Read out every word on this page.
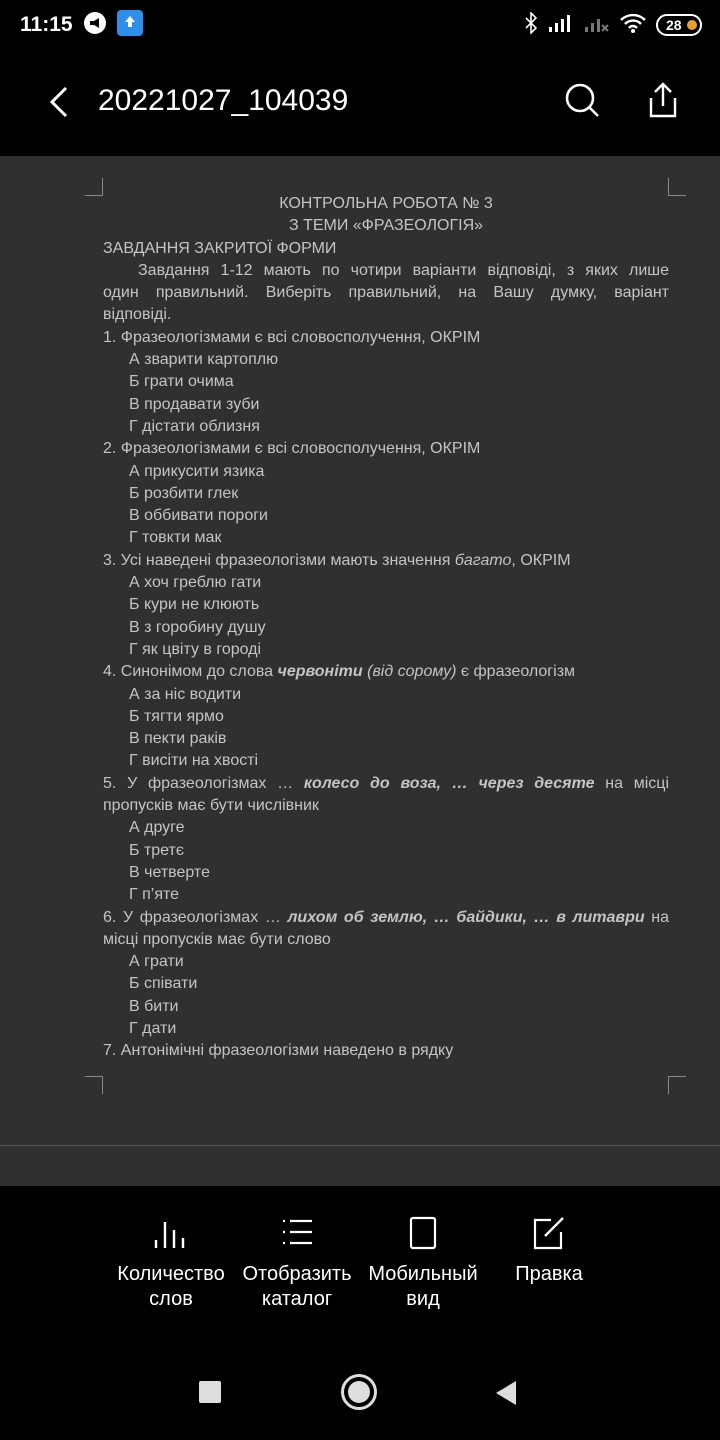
11:15	28
20221027_104039
КОНТРОЛЬНА РОБОТА № 3
З ТЕМИ «ФРАЗЕОЛОГІЯ»
ЗАВДАННЯ ЗАКРИТОЇ ФОРМИ
Завдання 1-12 мають по чотири варіанти відповіді, з яких лише
один правильний. Виберіть правильний, на Вашу думку, варіант
відповіді.
1. Фразеологізмами є всі словосполучення, ОКРІМ
А зварити картоплю
Б грати очима
В продавати зуби
Г дістати облизня
2. Фразеологізмами є всі словосполучення, ОКРІМ
А прикусити язика
Б розбити глек
В оббивати пороги
Г товкти мак
3. Усі наведені фразеологізми мають значення багато, ОКРІМ
А хоч греблю гати
Б кури не клюють
В з горобину душу
Г як цвіту в городі
4. Синонімом до слова червоніти (від сорому) є фразеологізм
А за ніс водити
Б тягти ярмо
В пекти раків
Г висіти на хвості
5. У фразеологізмах … колесо до воза, … через десяте на місці
пропусків має бути числівник
А друге
Б третє
В четверте
Г п’яте
6. У фразеологізмах … лихом об землю, … байдики, … в литаври на
місці пропусків має бути слово
А грати
Б співати
В бити
Г дати
7. Антонімічні фразеологізми наведено в рядку
Количество
слов
Отобразить
каталог
Мобильный
вид
Правка
